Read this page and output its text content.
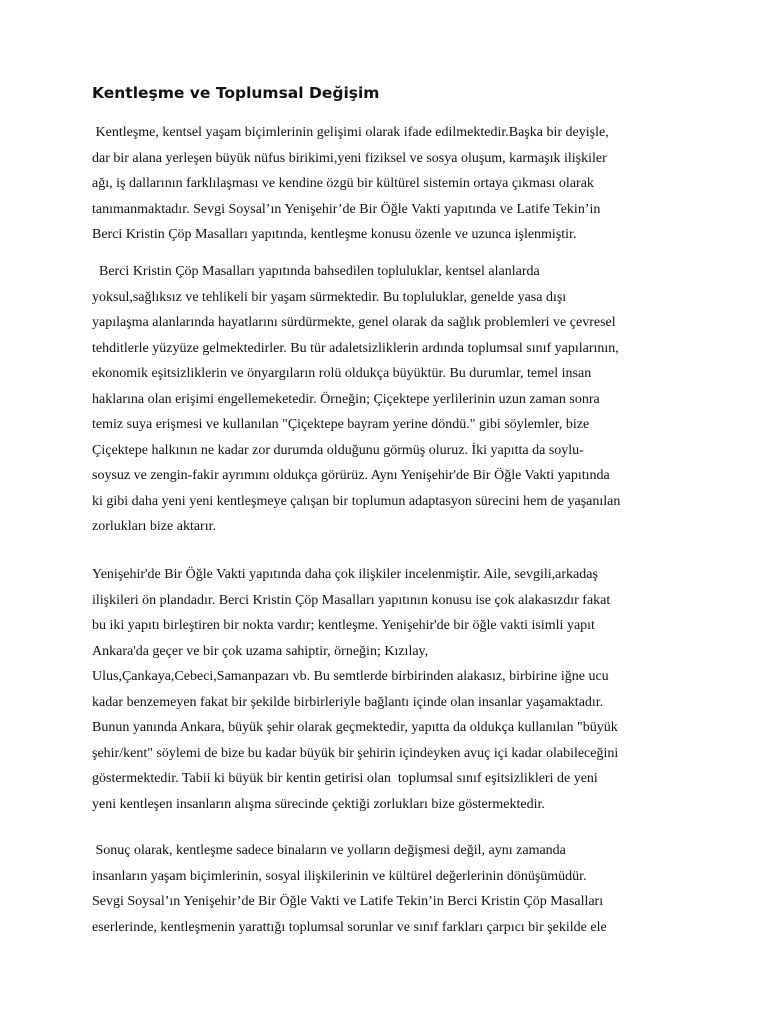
Kentleşme ve Toplumsal Değişim
Kentleşme, kentsel yaşam biçimlerinin gelişimi olarak ifade edilmektedir.Başka bir deyişle,
dar bir alana yerleşen büyük nüfus birikimi,yeni fiziksel ve sosya oluşum, karmaşık ilişkiler
ağı, iş dallarının farklılaşması ve kendine özgü bir kültürel sistemin ortaya çıkması olarak
tanımanmaktadır. Sevgi Soysal’ın Yenişehir’de Bir Öğle Vakti yapıtında ve Latife Tekin’in
Berci Kristin Çöp Masalları yapıtında, kentleşme konusu özenle ve uzunca işlenmiştir.
Berci Kristin Çöp Masalları yapıtında bahsedilen topluluklar, kentsel alanlarda
yoksul,sağlıksız ve tehlikeli bir yaşam sürmektedir. Bu topluluklar, genelde yasa dışı
yapılaşma alanlarında hayatlarını sürdürmekte, genel olarak da sağlık problemleri ve çevresel
tehditlerle yüzyüze gelmektedirler. Bu tür adaletsizliklerin ardında toplumsal sınıf yapılarının,
ekonomik eşitsizliklerin ve önyargıların rolü oldukça büyüktür. Bu durumlar, temel insan
haklarına olan erişimi engellemeketedir. Örneğin; Çiçektepe yerlilerinin uzun zaman sonra
temiz suya erişmesi ve kullanılan "Çiçektepe bayram yerine döndü." gibi söylemler, bize
Çiçektepe halkının ne kadar zor durumda olduğunu görmüş oluruz. İki yapıtta da soylu-
soysuz ve zengin-fakir ayrımını oldukça görürüz. Aynı Yenişehir'de Bir Öğle Vakti yapıtında
ki gibi daha yeni yeni kentleşmeye çalışan bir toplumun adaptasyon sürecini hem de yaşanılan
zorlukları bize aktarır.
Yenişehir'de Bir Öğle Vakti yapıtında daha çok ilişkiler incelenmiştir. Aile, sevgili,arkadaş
ilişkileri ön plandadır. Berci Kristin Çöp Masalları yapıtının konusu ise çok alakasızdır fakat
bu iki yapıtı birleştiren bir nokta vardır; kentleşme. Yenişehir'de bir öğle vakti isimli yapıt
Ankara'da geçer ve bir çok uzama sahiptir, örneğin; Kızılay,
Ulus,Çankaya,Cebeci,Samanpazarı vb. Bu semtlerde birbirinden alakasız, birbirine iğne ucu
kadar benzemeyen fakat bir şekilde birbirleriyle bağlantı içinde olan insanlar yaşamaktadır.
Bunun yanında Ankara, büyük şehir olarak geçmektedir, yapıtta da oldukça kullanılan "büyük
şehir/kent" söylemi de bize bu kadar büyük bir şehirin içindeyken avuç içi kadar olabileceğini
göstermektedir. Tabii ki büyük bir kentin getirisi olan  toplumsal sınıf eşitsizlikleri de yeni
yeni kentleşen insanların alışma sürecinde çektiği zorlukları bize göstermektedir.
Sonuç olarak, kentleşme sadece binaların ve yolların değişmesi değil, aynı zamanda
insanların yaşam biçimlerinin, sosyal ilişkilerinin ve kültürel değerlerinin dönüşümüdür.
Sevgi Soysal’ın Yenişehir’de Bir Öğle Vakti ve Latife Tekin’in Berci Kristin Çöp Masalları
eserlerinde, kentleşmenin yarattığı toplumsal sorunlar ve sınıf farkları çarpıcı bir şekilde ele
